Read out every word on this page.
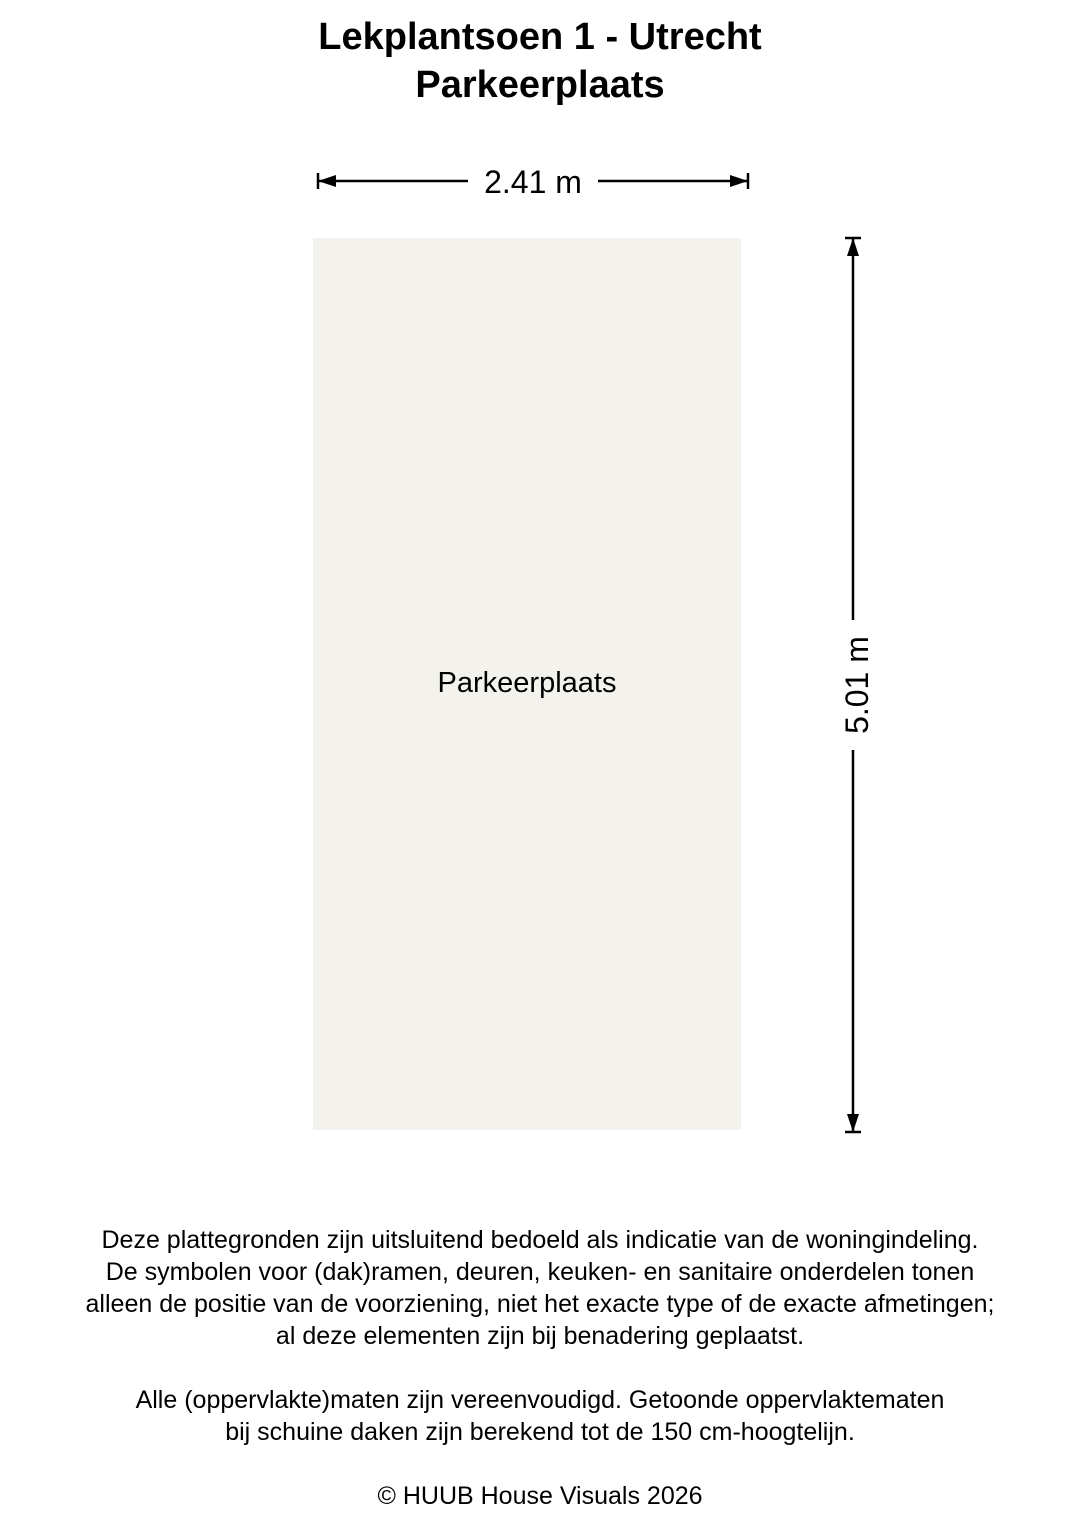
Lekplantsoen 1 - Utrecht
Parkeerplaats
Parkeerplaats
2.41 m
5.01 m
Deze plattegronden zijn uitsluitend bedoeld als indicatie van de woningindeling.
De symbolen voor (dak)ramen, deuren, keuken- en sanitaire onderdelen tonen
alleen de positie van de voorziening, niet het exacte type of de exacte afmetingen;
al deze elementen zijn bij benadering geplaatst.
Alle (oppervlakte)maten zijn vereenvoudigd. Getoonde oppervlaktematen
bij schuine daken zijn berekend tot de 150 cm-hoogtelijn.
© HUUB House Visuals 2026
